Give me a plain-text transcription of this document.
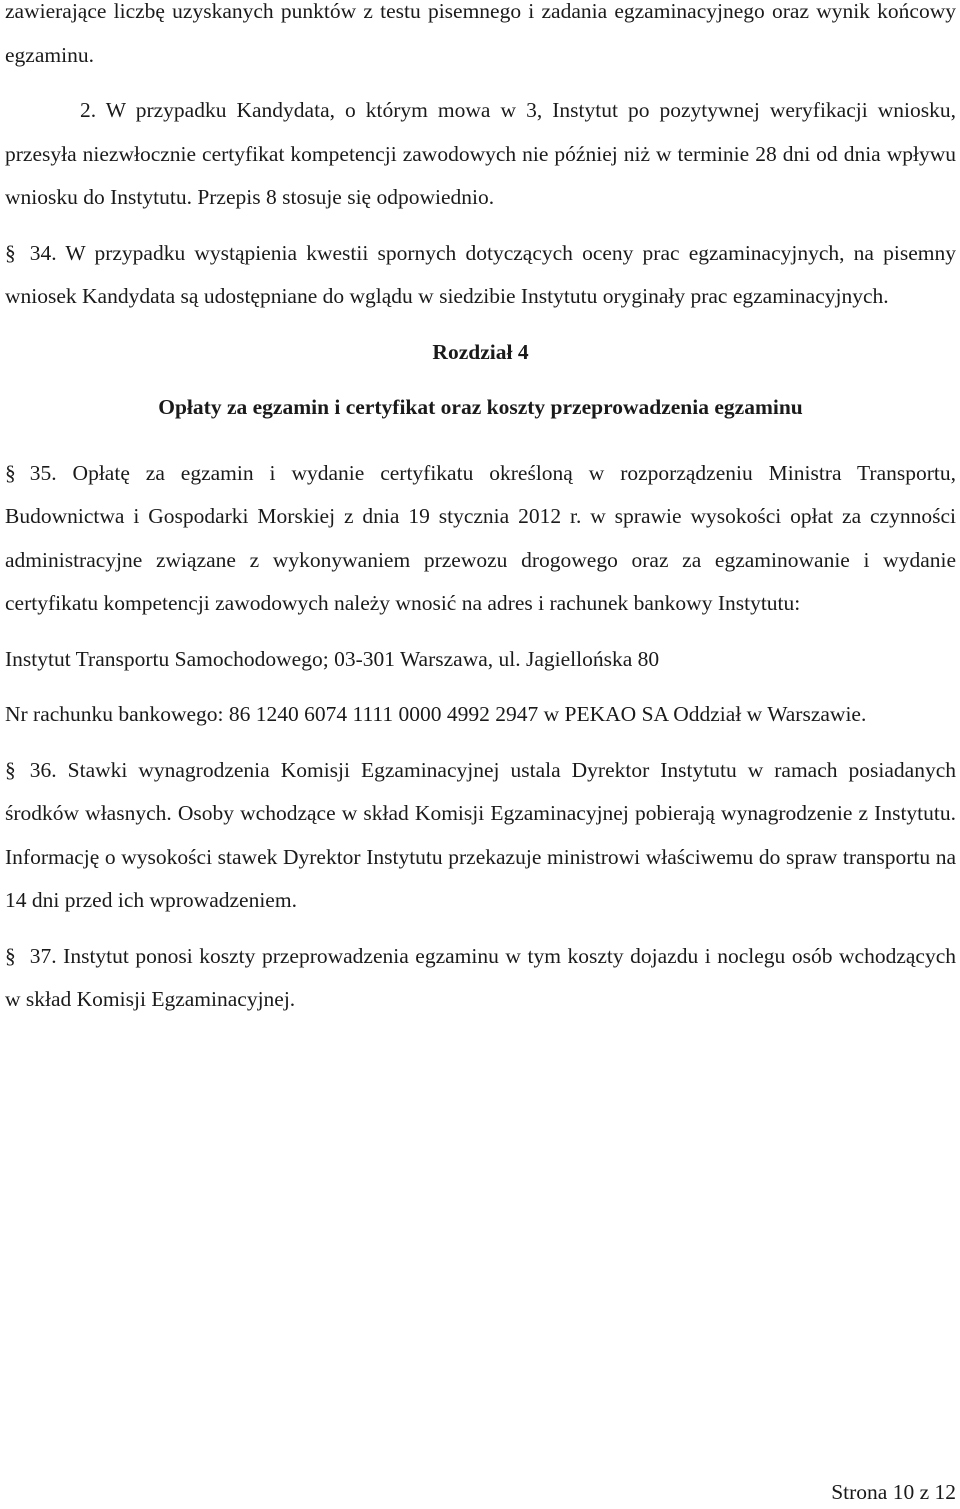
zawierające liczbę uzyskanych punktów z testu pisemnego i zadania egzaminacyjnego oraz wynik końcowy egzaminu.

2. W przypadku Kandydata, o którym mowa w 3, Instytut po pozytywnej weryfikacji wniosku, przesyła niezwłocznie certyfikat kompetencji zawodowych nie później niż w terminie 28 dni od dnia wpływu wniosku do Instytutu. Przepis 8 stosuje się odpowiednio.

§ 34. W przypadku wystąpienia kwestii spornych dotyczących oceny prac egzaminacyjnych, na pisemny wniosek Kandydata są udostępniane do wglądu w siedzibie Instytutu oryginały prac egzaminacyjnych.

Rozdział 4

Opłaty za egzamin i certyfikat oraz koszty przeprowadzenia egzaminu

§ 35. Opłatę za egzamin i wydanie certyfikatu określoną w rozporządzeniu Ministra Transportu, Budownictwa i Gospodarki Morskiej z dnia 19 stycznia 2012 r. w sprawie wysokości opłat za czynności administracyjne związane z wykonywaniem przewozu drogowego oraz za egzaminowanie i wydanie certyfikatu kompetencji zawodowych należy wnosić na adres i rachunek bankowy Instytutu:

Instytut Transportu Samochodowego; 03-301 Warszawa, ul. Jagiellońska 80

Nr rachunku bankowego: 86 1240 6074 1111 0000 4992 2947 w PEKAO SA Oddział w Warszawie.

§ 36. Stawki wynagrodzenia Komisji Egzaminacyjnej ustala Dyrektor Instytutu w ramach posiadanych środków własnych. Osoby wchodzące w skład Komisji Egzaminacyjnej pobierają wynagrodzenie z Instytutu. Informację o wysokości stawek Dyrektor Instytutu przekazuje ministrowi właściwemu do spraw transportu na 14 dni przed ich wprowadzeniem.

§ 37. Instytut ponosi koszty przeprowadzenia egzaminu w tym koszty dojazdu i noclegu osób wchodzących w skład Komisji Egzaminacyjnej.

Strona 10 z 12
